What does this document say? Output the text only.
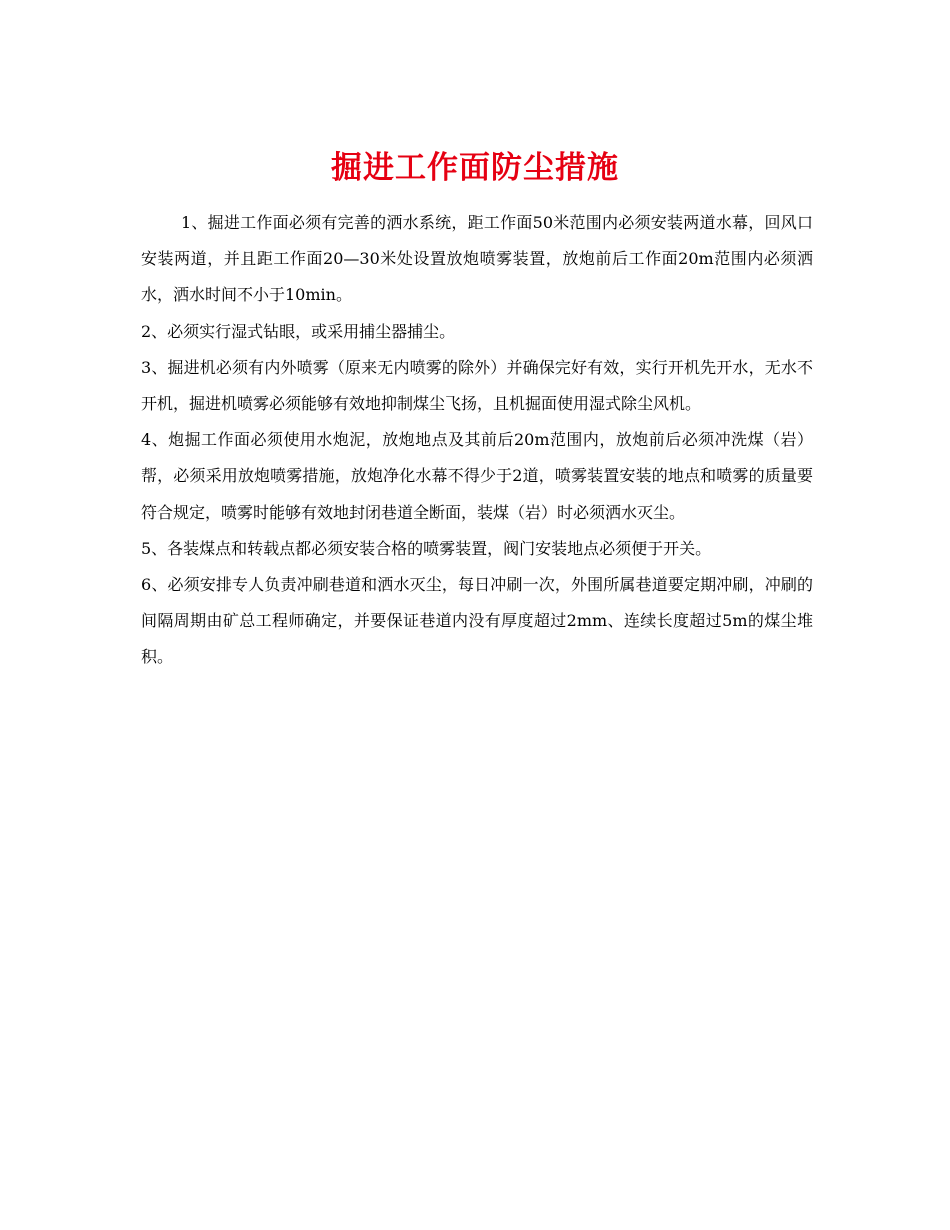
掘进工作面防尘措施

1、掘进工作面必须有完善的洒水系统，距工作面50米范围内必须安装两道水幕，回风口安装两道，并且距工作面20—30米处设置放炮喷雾装置，放炮前后工作面20m范围内必须洒水，洒水时间不小于10min。

2、必须实行湿式钻眼，或采用捕尘器捕尘。

3、掘进机必须有内外喷雾（原来无内喷雾的除外）并确保完好有效，实行开机先开水，无水不开机，掘进机喷雾必须能够有效地抑制煤尘飞扬，且机掘面使用湿式除尘风机。

4、炮掘工作面必须使用水炮泥，放炮地点及其前后20m范围内，放炮前后必须冲洗煤（岩）帮，必须采用放炮喷雾措施，放炮净化水幕不得少于2道，喷雾装置安装的地点和喷雾的质量要符合规定，喷雾时能够有效地封闭巷道全断面，装煤（岩）时必须洒水灭尘。

5、各装煤点和转载点都必须安装合格的喷雾装置，阀门安装地点必须便于开关。

6、必须安排专人负责冲刷巷道和洒水灭尘，每日冲刷一次，外围所属巷道要定期冲刷，冲刷的间隔周期由矿总工程师确定，并要保证巷道内没有厚度超过2mm、连续长度超过5m的煤尘堆积。
